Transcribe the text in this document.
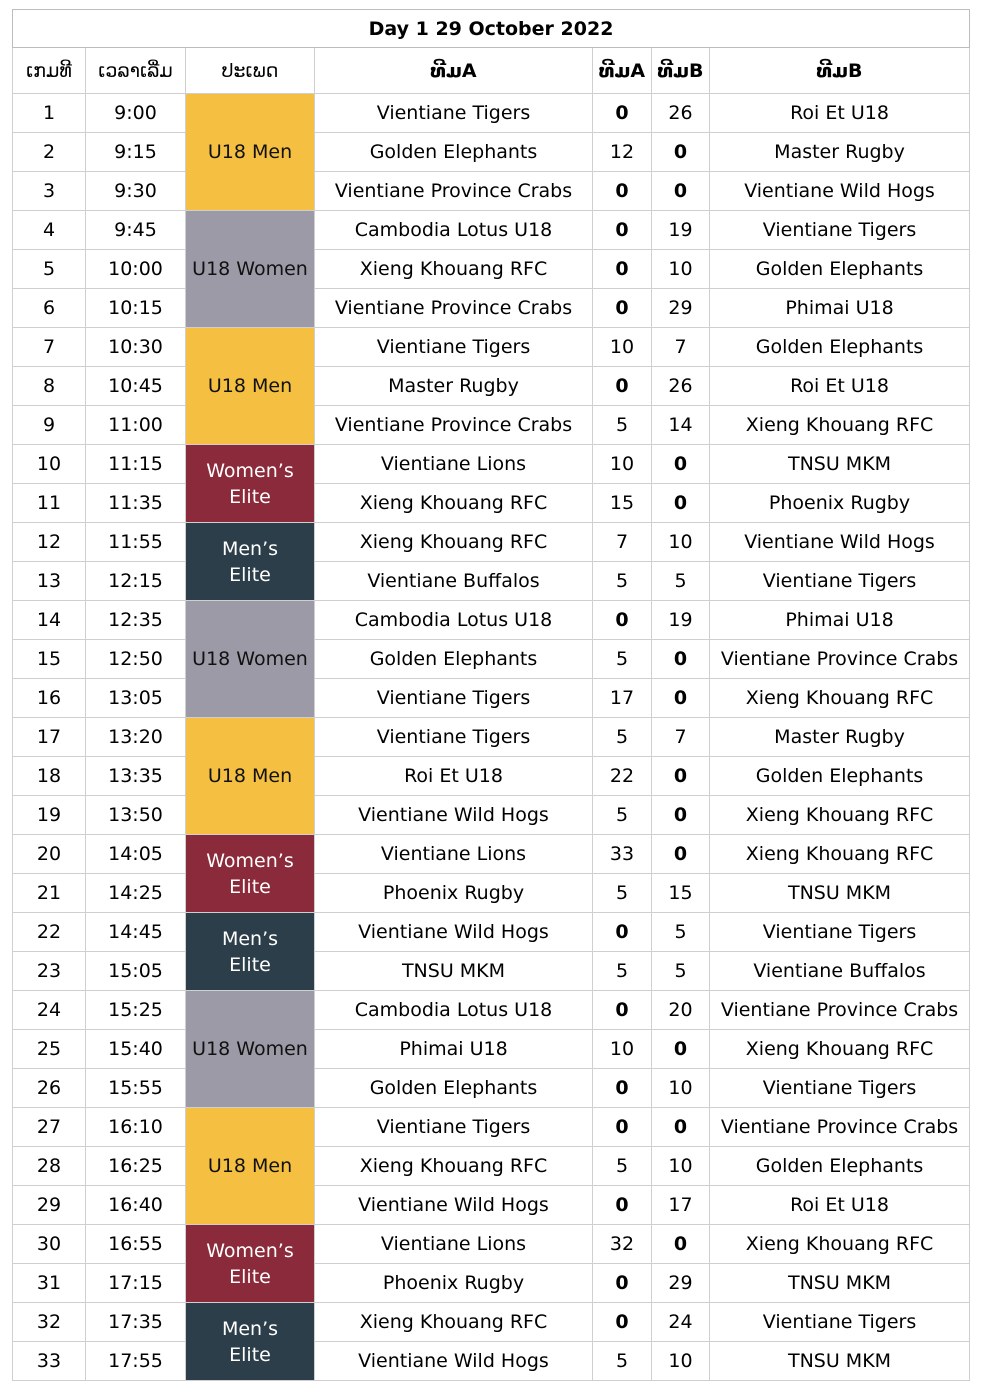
Day 1 29 October 2022						
ເກມທີ	ເວລາເລີ່ມ	ປະເພດ	ທີມA	ທີມA	ທີມB	ທີມB
1	9:00	U18 Men	Vientiane Tigers	0	26	Roi Et U18
2	9:15		Golden Elephants	12	0	Master Rugby
3	9:30		Vientiane Province Crabs	0	0	Vientiane Wild Hogs
4	9:45	U18 Women	Cambodia Lotus U18	0	19	Vientiane Tigers
5	10:00		Xieng Khouang RFC	0	10	Golden Elephants
6	10:15		Vientiane Province Crabs	0	29	Phimai U18
7	10:30	U18 Men	Vientiane Tigers	10	7	Golden Elephants
8	10:45		Master Rugby	0	26	Roi Et U18
9	11:00		Vientiane Province Crabs	5	14	Xieng Khouang RFC
10	11:15	Women’s Elite	Vientiane Lions	10	0	TNSU MKM
11	11:35		Xieng Khouang RFC	15	0	Phoenix Rugby
12	11:55	Men’s Elite	Xieng Khouang RFC	7	10	Vientiane Wild Hogs
13	12:15		Vientiane Buffalos	5	5	Vientiane Tigers
14	12:35	U18 Women	Cambodia Lotus U18	0	19	Phimai U18
15	12:50		Golden Elephants	5	0	Vientiane Province Crabs
16	13:05		Vientiane Tigers	17	0	Xieng Khouang RFC
17	13:20	U18 Men	Vientiane Tigers	5	7	Master Rugby
18	13:35		Roi Et U18	22	0	Golden Elephants
19	13:50		Vientiane Wild Hogs	5	0	Xieng Khouang RFC
20	14:05	Women’s Elite	Vientiane Lions	33	0	Xieng Khouang RFC
21	14:25		Phoenix Rugby	5	15	TNSU MKM
22	14:45	Men’s Elite	Vientiane Wild Hogs	0	5	Vientiane Tigers
23	15:05		TNSU MKM	5	5	Vientiane Buffalos
24	15:25	U18 Women	Cambodia Lotus U18	0	20	Vientiane Province Crabs
25	15:40		Phimai U18	10	0	Xieng Khouang RFC
26	15:55		Golden Elephants	0	10	Vientiane Tigers
27	16:10	U18 Men	Vientiane Tigers	0	0	Vientiane Province Crabs
28	16:25		Xieng Khouang RFC	5	10	Golden Elephants
29	16:40		Vientiane Wild Hogs	0	17	Roi Et U18
30	16:55	Women’s Elite	Vientiane Lions	32	0	Xieng Khouang RFC
31	17:15		Phoenix Rugby	0	29	TNSU MKM
32	17:35	Men’s Elite	Xieng Khouang RFC	0	24	Vientiane Tigers
33	17:55		Vientiane Wild Hogs	5	10	TNSU MKM
